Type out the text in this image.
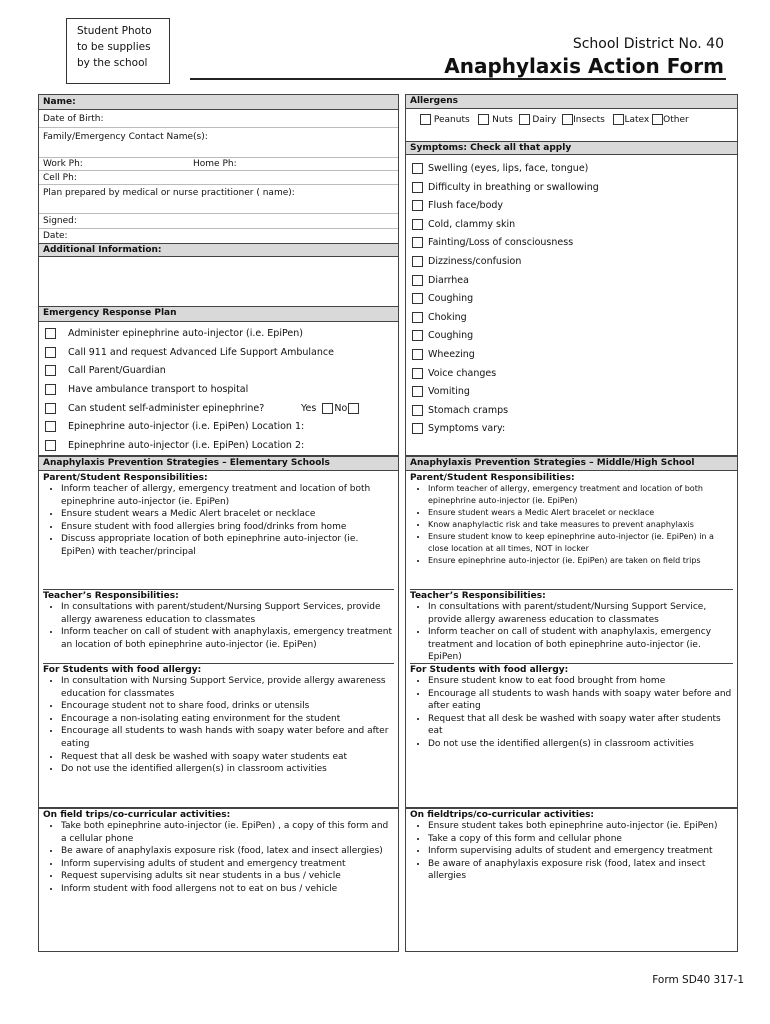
Student Photo
to be supplies
by the school
School District No. 40
Anaphylaxis Action Form
Name:
Date of Birth:
Family/Emergency Contact Name(s):
Work Ph:	Home Ph:
Cell Ph:
Plan prepared by medical or nurse practitioner ( name):
Signed:
Date:
Additional Information:
Emergency Response Plan
Administer epinephrine auto-injector (i.e. EpiPen)
Call 911 and request Advanced Life Support Ambulance
Call Parent/Guardian
Have ambulance transport to hospital
Can student self-administer epinephrine?	Yes No
Epinephrine auto-injector (i.e. EpiPen) Location 1:
Epinephrine auto-injector (i.e. EpiPen) Location 2:
Allergens
Peanuts Nuts Dairy Insects Latex Other
Symptoms: Check all that apply
Swelling (eyes, lips, face, tongue)
Difficulty in breathing or swallowing
Flush face/body
Cold, clammy skin
Fainting/Loss of consciousness
Dizziness/confusion
Diarrhea
Coughing
Choking
Coughing
Wheezing
Voice changes
Vomiting
Stomach cramps
Symptoms vary:
Anaphylaxis Prevention Strategies – Elementary Schools
Parent/Student Responsibilities:
• Inform teacher of allergy, emergency treatment and location of both epinephrine auto-injector (ie. EpiPen)
• Ensure student wears a Medic Alert bracelet or necklace
• Ensure student with food allergies bring food/drinks from home
• Discuss appropriate location of both epinephrine auto-injector (ie. EpiPen) with teacher/principal
Teacher’s Responsibilities:
• In consultations with parent/student/Nursing Support Services, provide allergy awareness education to classmates
• Inform teacher on call of student with anaphylaxis, emergency treatment an location of both epinephrine auto-injector (ie. EpiPen)
For Students with food allergy:
• In consultation with Nursing Support Service, provide allergy awareness education for classmates
• Encourage student not to share food, drinks or utensils
• Encourage a non-isolating eating environment for the student
• Encourage all students to wash hands with soapy water before and after eating
• Request that all desk be washed with soapy water students eat
• Do not use the identified allergen(s) in classroom activities
On field trips/co-curricular activities:
• Take both epinephrine auto-injector (ie. EpiPen) , a copy of this form and a cellular phone
• Be aware of anaphylaxis exposure risk (food, latex and insect allergies)
• Inform supervising adults of student and emergency treatment
• Request supervising adults sit near students in a bus / vehicle
• Inform student with food allergens not to eat on bus / vehicle
Anaphylaxis Prevention Strategies – Middle/High School
Parent/Student Responsibilities:
• Inform teacher of allergy, emergency treatment and location of both epinephrine auto-injector (ie. EpiPen)
• Ensure student wears a Medic Alert bracelet or necklace
• Know anaphylactic risk and take measures to prevent anaphylaxis
• Ensure student know to keep epinephrine auto-injector (ie. EpiPen) in a close location at all times, NOT in locker
• Ensure epinephrine auto-injector (ie. EpiPen) are taken on field trips
Teacher’s Responsibilities:
• In consultations with parent/student/Nursing Support Service, provide allergy awareness education to classmates
• Inform teacher on call of student with anaphylaxis, emergency treatment and location of both epinephrine auto-injector (ie. EpiPen)
For Students with food allergy:
• Ensure student know to eat food brought from home
• Encourage all students to wash hands with soapy water before and after eating
• Request that all desk be washed with soapy water after students eat
• Do not use the identified allergen(s) in classroom activities
On fieldtrips/co-curricular activities:
• Ensure student takes both epinephrine auto-injector (ie. EpiPen)
• Take a copy of this form and cellular phone
• Inform supervising adults of student and emergency treatment
• Be aware of anaphylaxis exposure risk (food, latex and insect allergies
Form SD40 317-1
